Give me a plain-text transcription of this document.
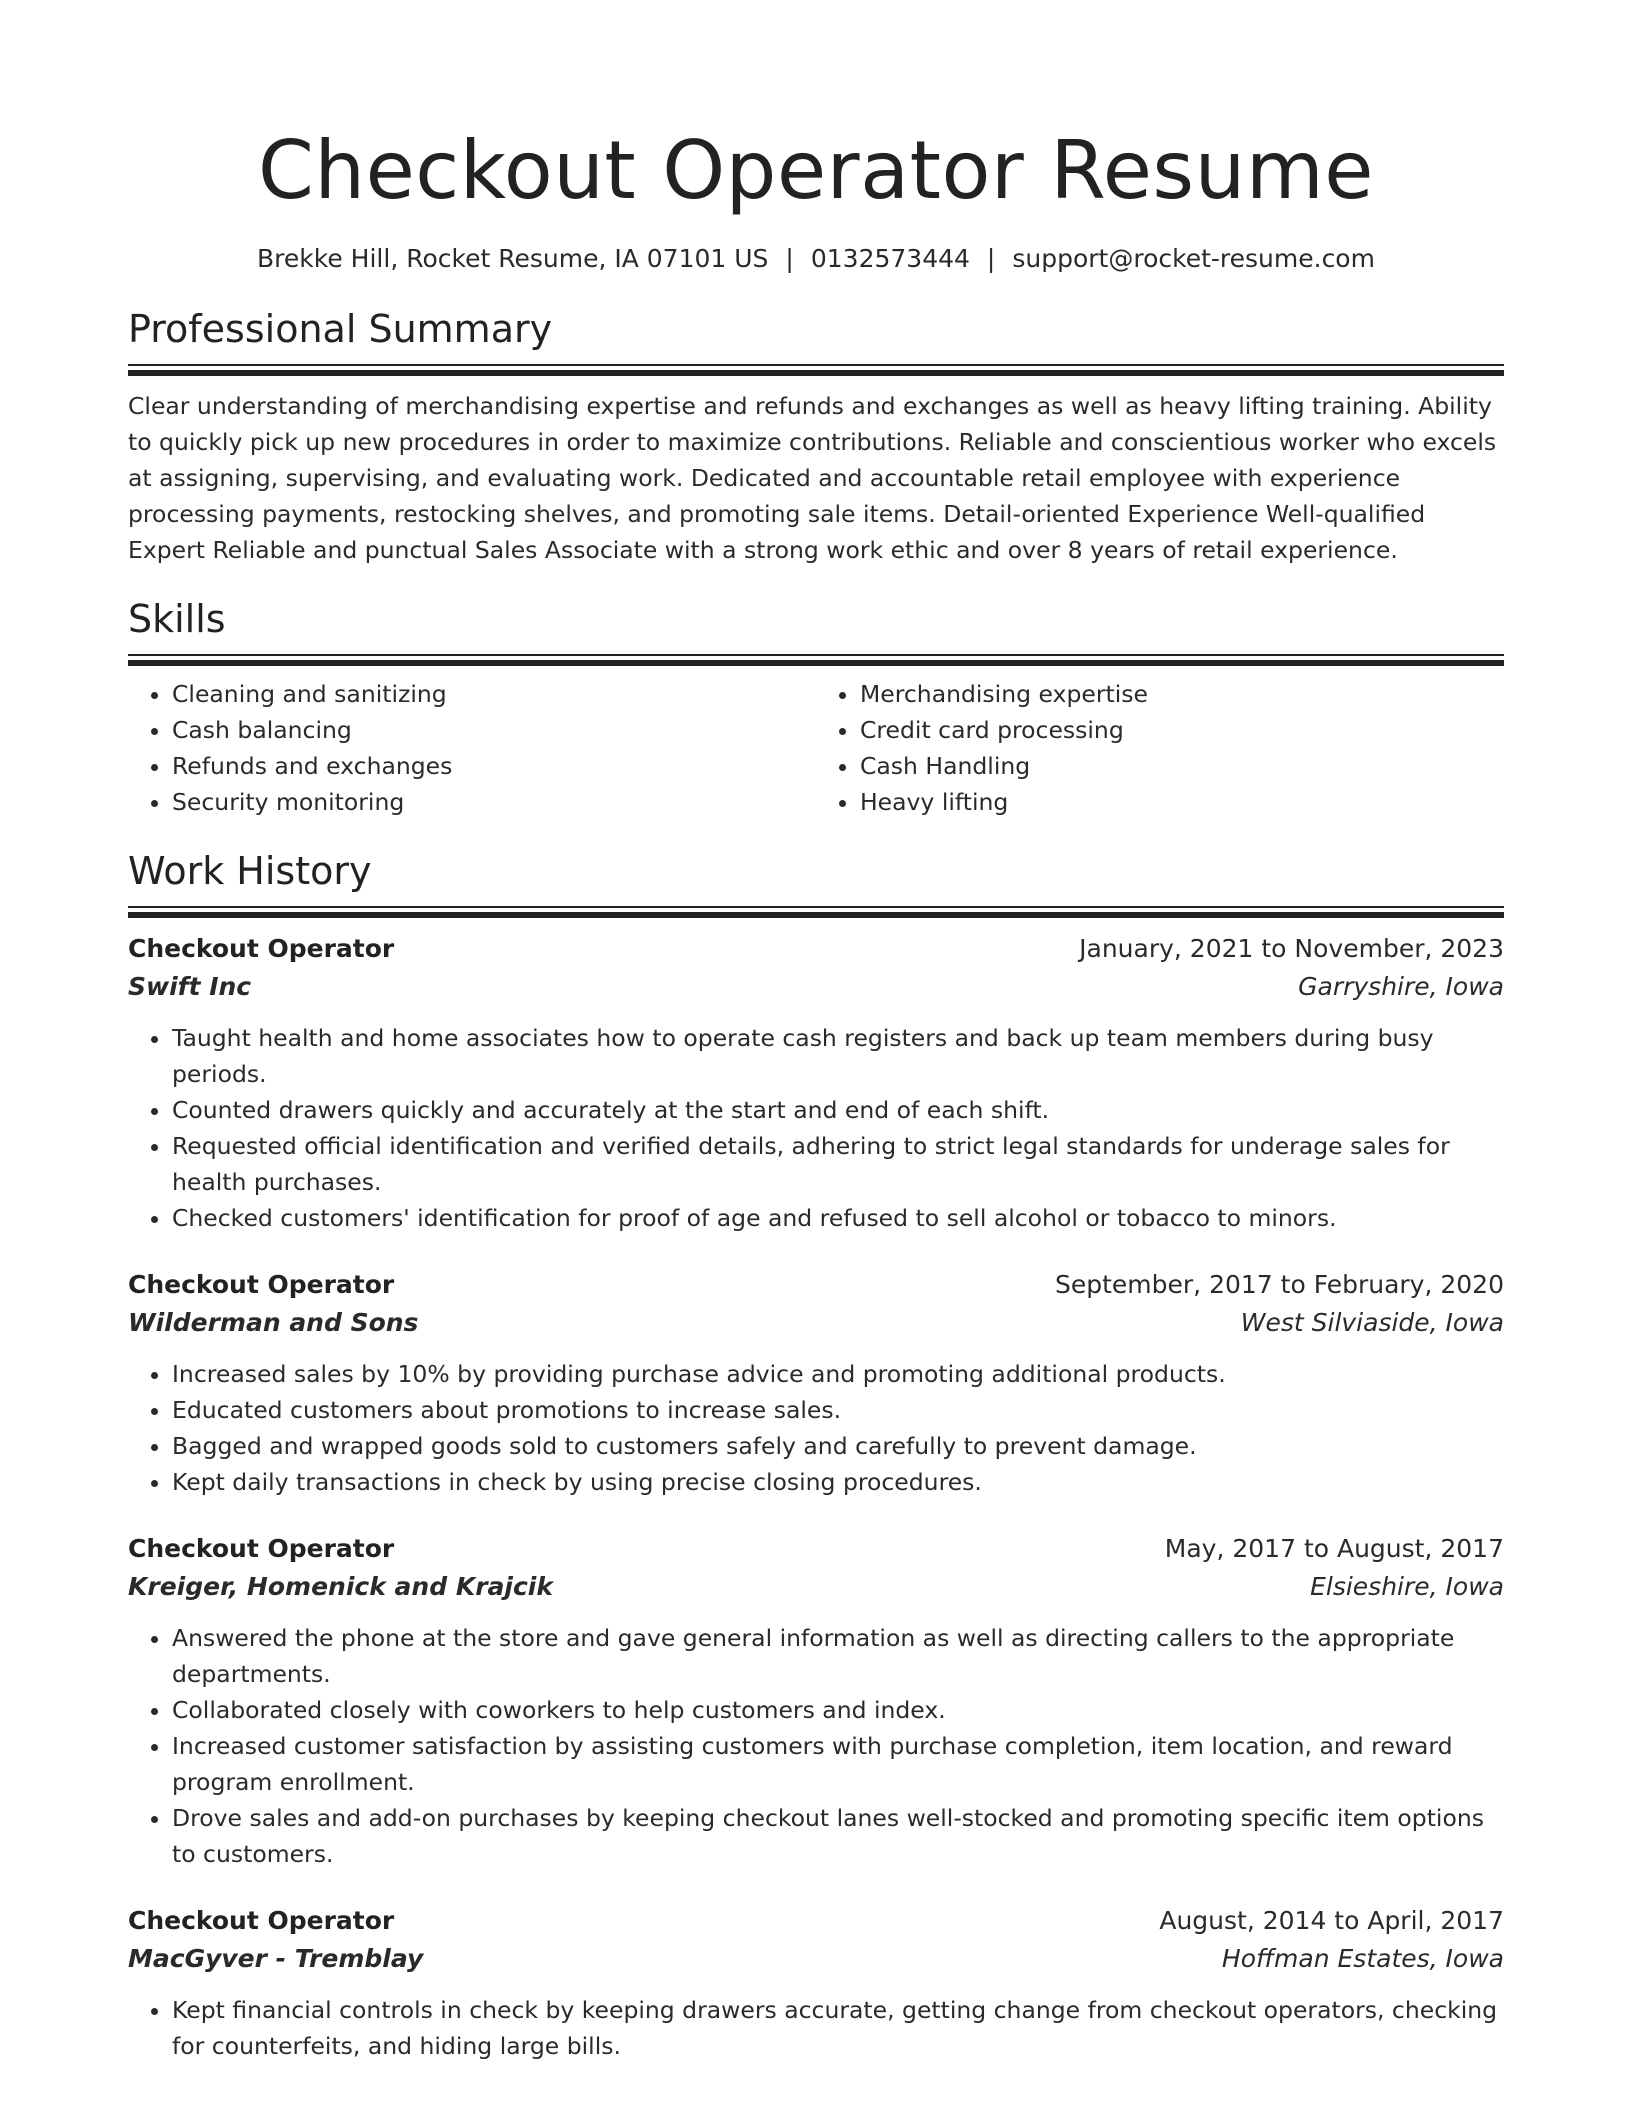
Checkout Operator Resume
Brekke Hill, Rocket Resume, IA 07101 US | 0132573444 | support@rocket-resume.com
Professional Summary

Clear understanding of merchandising expertise and refunds and exchanges as well as heavy lifting training. Ability to quickly pick up new procedures in order to maximize contributions. Reliable and conscientious worker who excels at assigning, supervising, and evaluating work. Dedicated and accountable retail employee with experience processing payments, restocking shelves, and promoting sale items. Detail-oriented Experience Well-qualified Expert Reliable and punctual Sales Associate with a strong work ethic and over 8 years of retail experience.

Skills
• Cleaning and sanitizing
• Cash balancing
• Refunds and exchanges
• Security monitoring
• Merchandising expertise
• Credit card processing
• Cash Handling
• Heavy lifting
Work History
Checkout Operator	January, 2021 to November, 2023
Swift Inc	Garryshire, Iowa
• Taught health and home associates how to operate cash registers and back up team members during busy periods.
• Counted drawers quickly and accurately at the start and end of each shift.
• Requested official identification and verified details, adhering to strict legal standards for underage sales for health purchases.
• Checked customers' identification for proof of age and refused to sell alcohol or tobacco to minors.
Checkout Operator	September, 2017 to February, 2020
Wilderman and Sons	West Silviaside, Iowa
• Increased sales by 10% by providing purchase advice and promoting additional products.
• Educated customers about promotions to increase sales.
• Bagged and wrapped goods sold to customers safely and carefully to prevent damage.
• Kept daily transactions in check by using precise closing procedures.
Checkout Operator	May, 2017 to August, 2017
Kreiger, Homenick and Krajcik	Elsieshire, Iowa
• Answered the phone at the store and gave general information as well as directing callers to the appropriate departments.
• Collaborated closely with coworkers to help customers and index.
• Increased customer satisfaction by assisting customers with purchase completion, item location, and reward program enrollment.
• Drove sales and add-on purchases by keeping checkout lanes well-stocked and promoting specific item options to customers.
Checkout Operator	August, 2014 to April, 2017
MacGyver - Tremblay	Hoffman Estates, Iowa
• Kept financial controls in check by keeping drawers accurate, getting change from checkout operators, checking for counterfeits, and hiding large bills.
